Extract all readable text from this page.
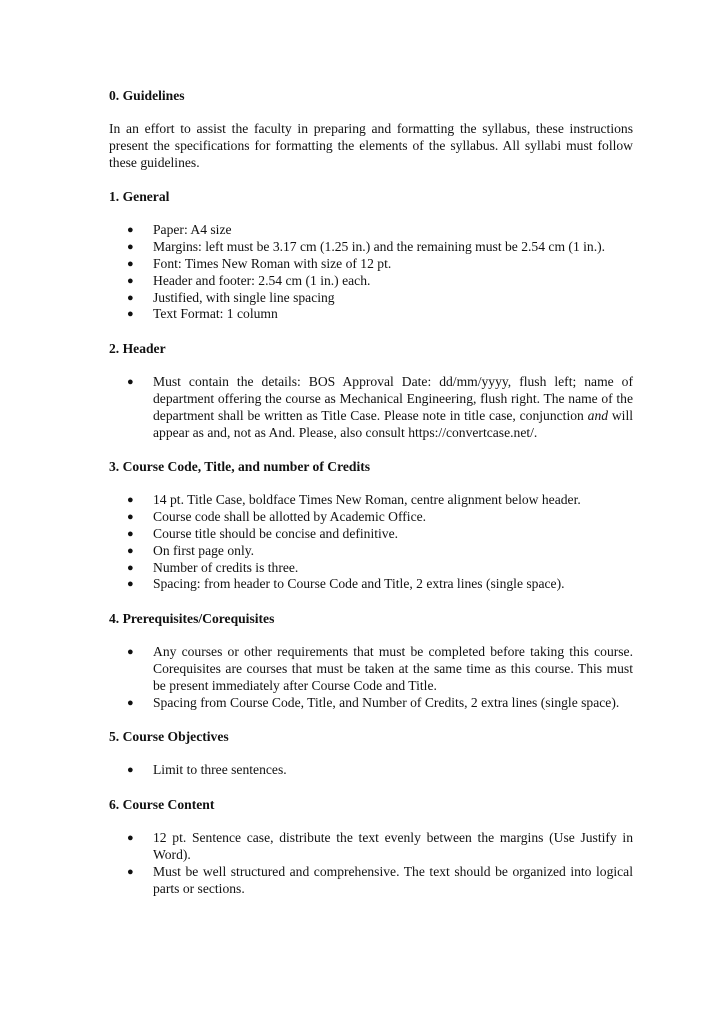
0. Guidelines

In an effort to assist the faculty in preparing and formatting the syllabus, these instructions present the specifications for formatting the elements of the syllabus. All syllabi must follow these guidelines.

1. General
● Paper: A4 size
● Margins: left must be 3.17 cm (1.25 in.) and the remaining must be 2.54 cm (1 in.).
● Font: Times New Roman with size of 12 pt.
● Header and footer: 2.54 cm (1 in.) each.
● Justified, with single line spacing
● Text Format: 1 column
2. Header
● Must contain the details: BOS Approval Date: dd/mm/yyyy, flush left; name of department offering the course as Mechanical Engineering, flush right. The name of the department shall be written as Title Case. Please note in title case, conjunction and will appear as and, not as And. Please, also consult https://convertcase.net/.
3. Course Code, Title, and number of Credits
● 14 pt. Title Case, boldface Times New Roman, centre alignment below header.
● Course code shall be allotted by Academic Office.
● Course title should be concise and definitive.
● On first page only.
● Number of credits is three.
● Spacing: from header to Course Code and Title, 2 extra lines (single space).
4. Prerequisites/Corequisites
● Any courses or other requirements that must be completed before taking this course. Corequisites are courses that must be taken at the same time as this course. This must be present immediately after Course Code and Title.
● Spacing from Course Code, Title, and Number of Credits, 2 extra lines (single space).
5. Course Objectives
● Limit to three sentences.
6. Course Content
● 12 pt. Sentence case, distribute the text evenly between the margins (Use Justify in Word).
● Must be well structured and comprehensive. The text should be organized into logical parts or sections.
